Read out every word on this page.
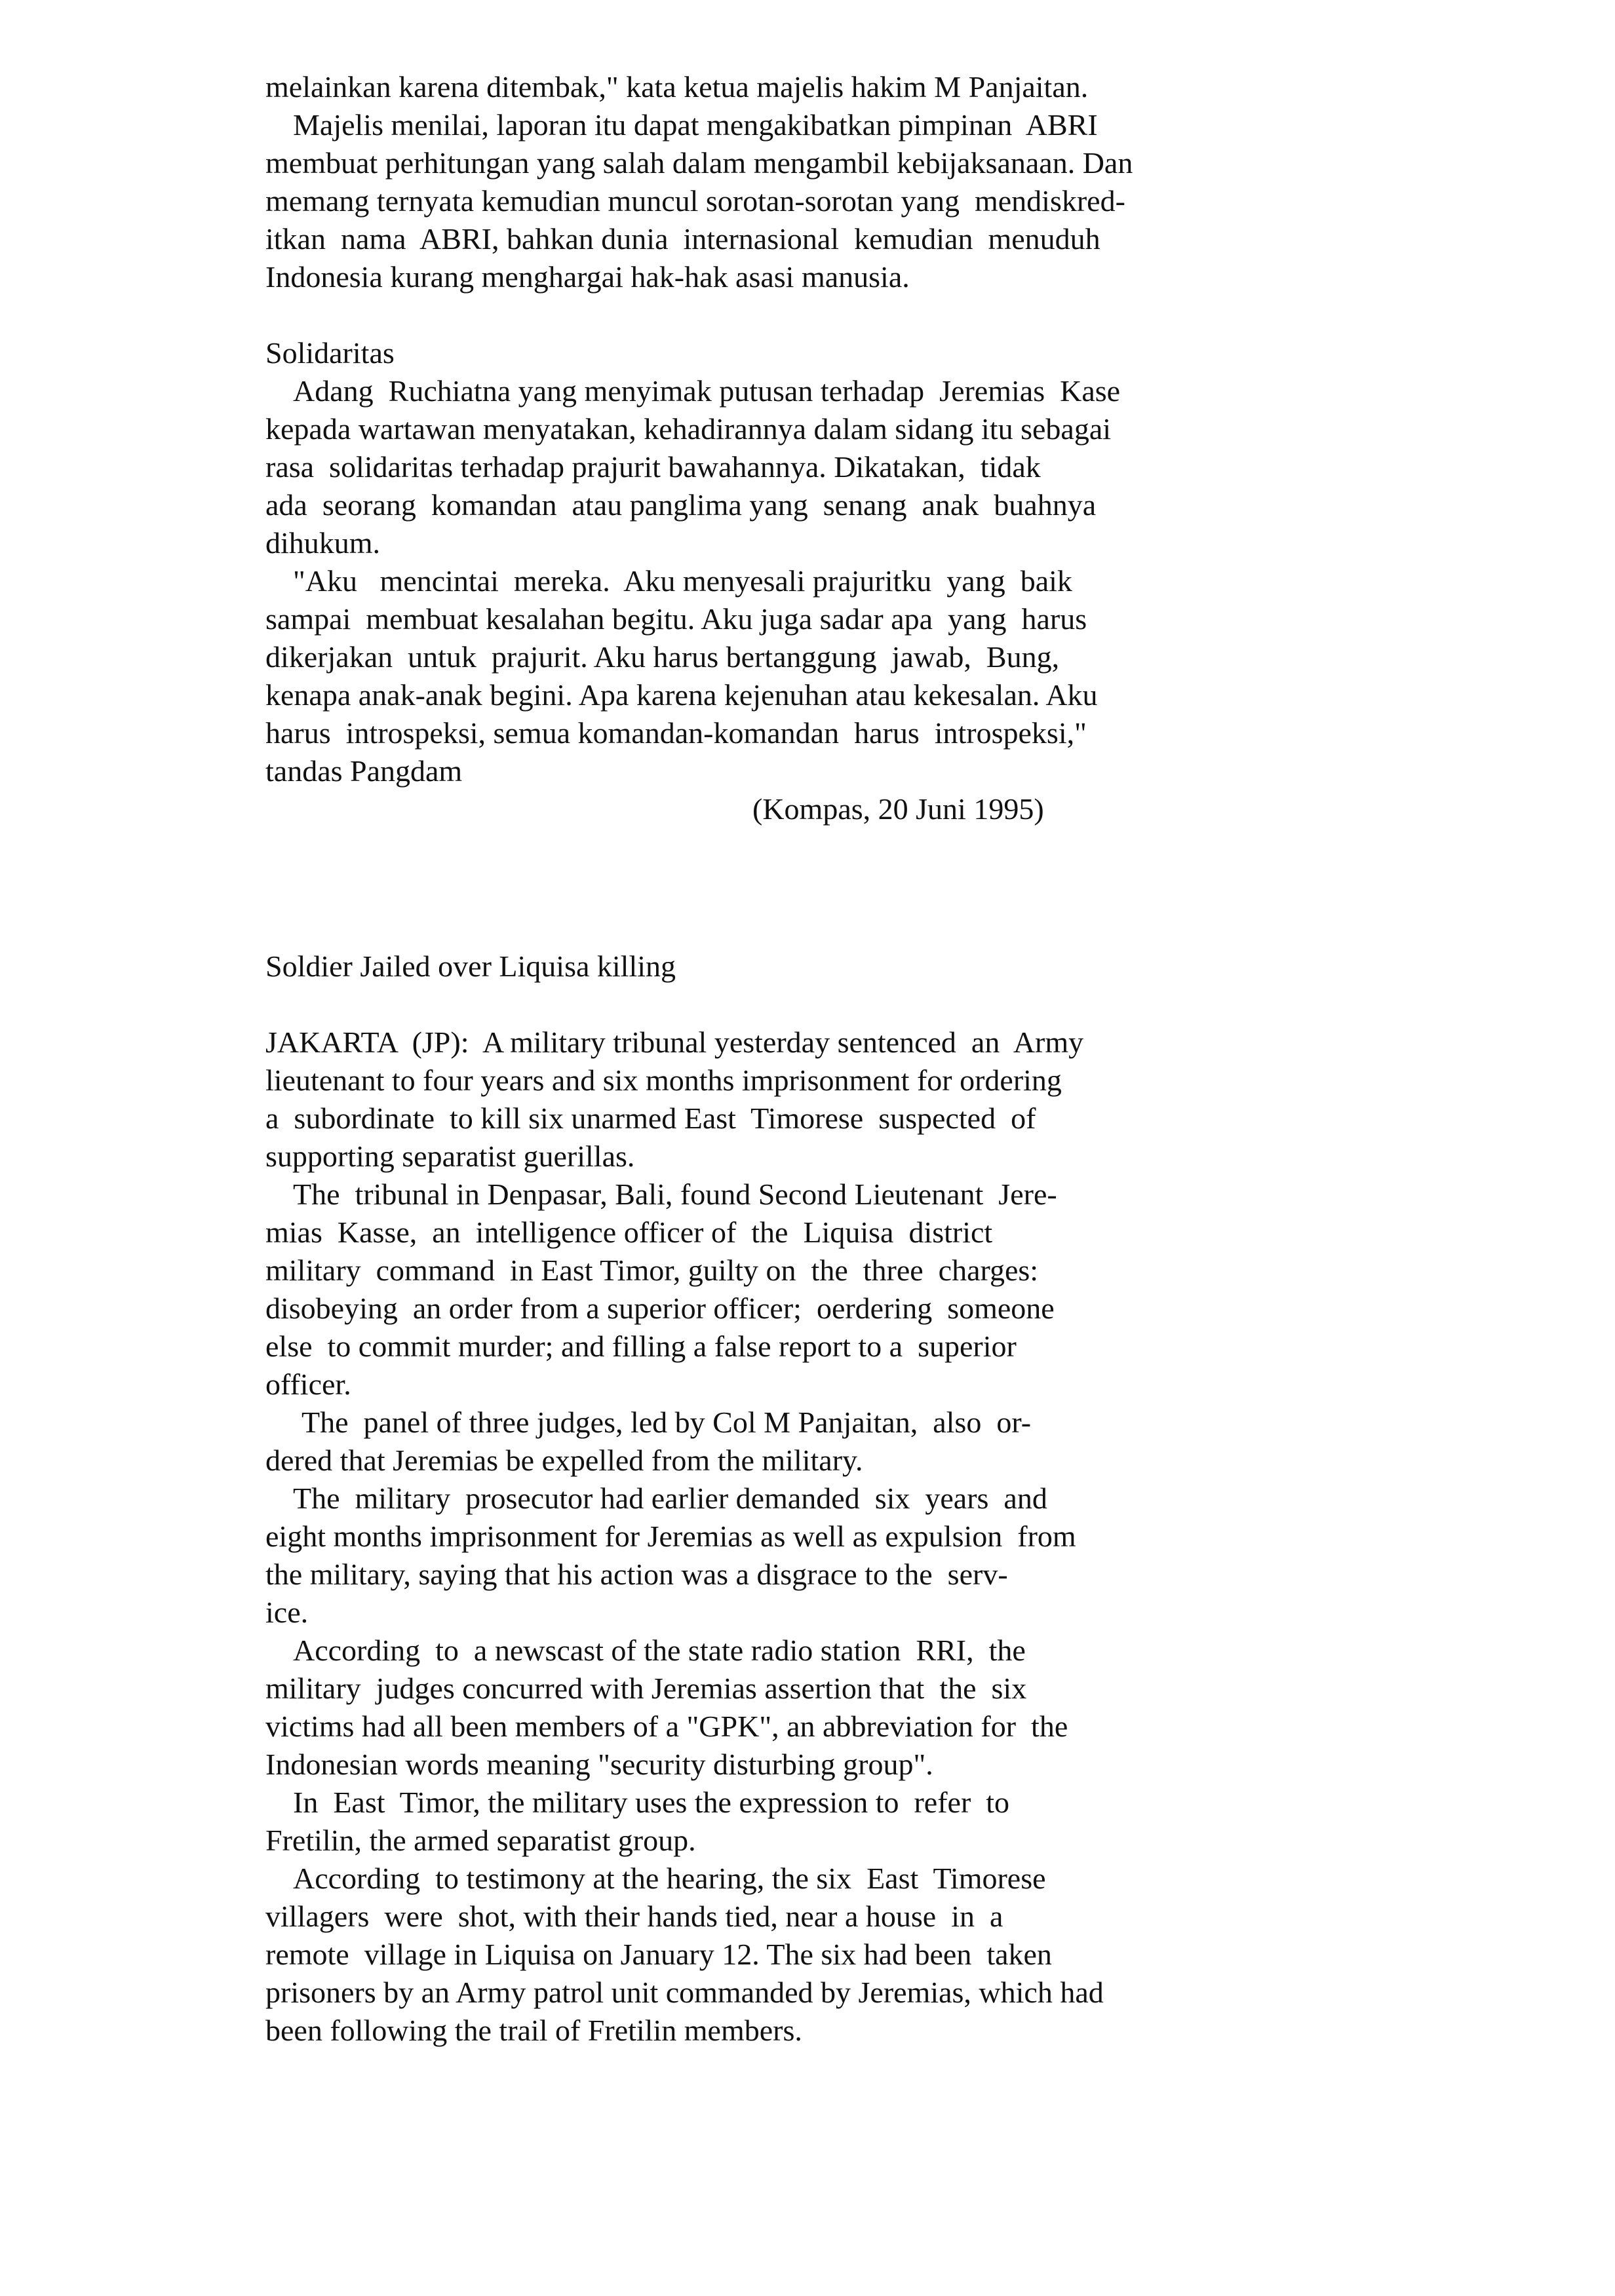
melainkan karena ditembak," kata ketua majelis hakim M Panjaitan.

Majelis menilai, laporan itu dapat mengakibatkan pimpinan  ABRI

membuat perhitungan yang salah dalam mengambil kebijaksanaan. Dan

memang ternyata kemudian muncul sorotan-sorotan yang  mendiskred-

itkan  nama  ABRI, bahkan dunia  internasional  kemudian  menuduh

Indonesia kurang menghargai hak-hak asasi manusia.

Solidaritas

Adang  Ruchiatna yang menyimak putusan terhadap  Jeremias  Kase

kepada wartawan menyatakan, kehadirannya dalam sidang itu sebagai

rasa  solidaritas terhadap prajurit bawahannya. Dikatakan,  tidak

ada  seorang  komandan  atau panglima yang  senang  anak  buahnya

dihukum.

"Aku   mencintai  mereka.  Aku menyesali prajuritku  yang  baik

sampai  membuat kesalahan begitu. Aku juga sadar apa  yang  harus

dikerjakan  untuk  prajurit. Aku harus bertanggung  jawab,  Bung,

kenapa anak-anak begini. Apa karena kejenuhan atau kekesalan. Aku

harus  introspeksi, semua komandan-komandan  harus  introspeksi,"

tandas Pangdam

(Kompas, 20 Juni 1995)

Soldier Jailed over Liquisa killing

JAKARTA  (JP):  A military tribunal yesterday sentenced  an  Army

lieutenant to four years and six months imprisonment for ordering

a  subordinate  to kill six unarmed East  Timorese  suspected  of

supporting separatist guerillas.

The  tribunal in Denpasar, Bali, found Second Lieutenant  Jere-

mias  Kasse,  an  intelligence officer of  the  Liquisa  district

military  command  in East Timor, guilty on  the  three  charges:

disobeying  an order from a superior officer;  oerdering  someone

else  to commit murder; and filling a false report to a  superior

officer.

The  panel of three judges, led by Col M Panjaitan,  also  or-

dered that Jeremias be expelled from the military.

The  military  prosecutor had earlier demanded  six  years  and

eight months imprisonment for Jeremias as well as expulsion  from

the military, saying that his action was a disgrace to the  serv-

ice.

According  to  a newscast of the state radio station  RRI,  the

military  judges concurred with Jeremias assertion that  the  six

victims had all been members of a "GPK", an abbreviation for  the

Indonesian words meaning "security disturbing group".

In  East  Timor, the military uses the expression to  refer  to

Fretilin, the armed separatist group.

According  to testimony at the hearing, the six  East  Timorese

villagers  were  shot, with their hands tied, near a house  in  a

remote  village in Liquisa on January 12. The six had been  taken

prisoners by an Army patrol unit commanded by Jeremias, which had

been following the trail of Fretilin members.
